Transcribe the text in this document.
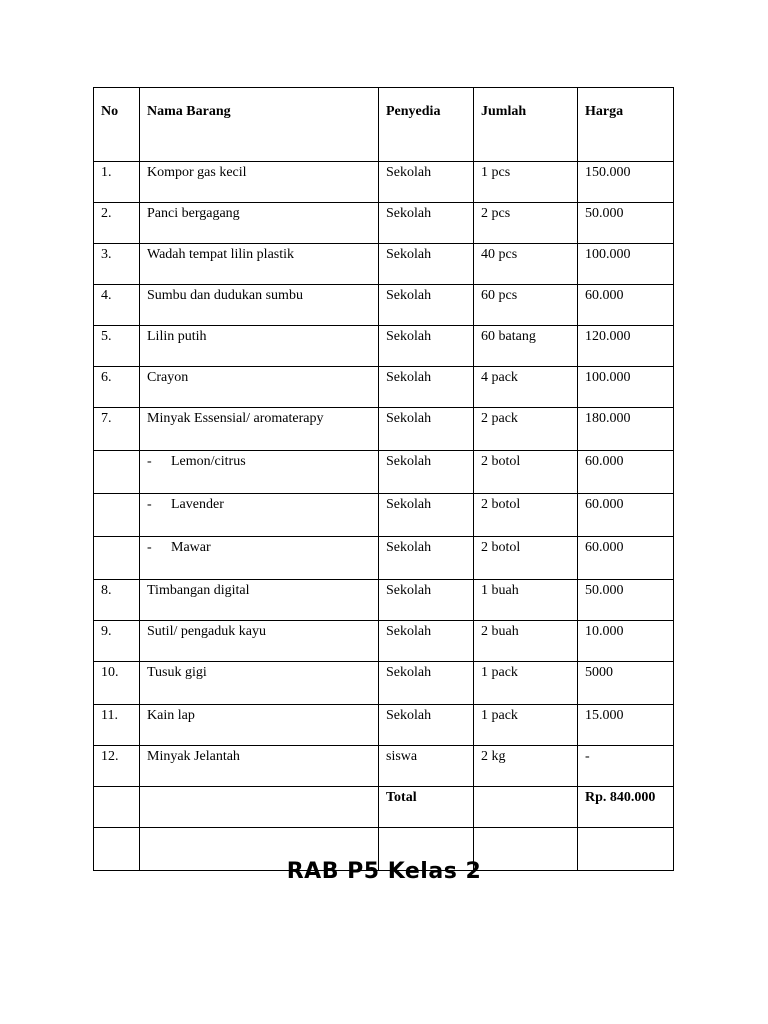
No	Nama Barang	Penyedia	Jumlah	Harga
1.	Kompor gas kecil	Sekolah	1 pcs	150.000
2.	Panci bergagang	Sekolah	2 pcs	50.000
3.	Wadah tempat lilin plastik	Sekolah	40 pcs	100.000
4.	Sumbu dan dudukan sumbu	Sekolah	60 pcs	60.000
5.	Lilin putih	Sekolah	60 batang	120.000
6.	Crayon	Sekolah	4 pack	100.000
7.	Minyak Essensial/ aromaterapy	Sekolah	2 pack	180.000
	- Lemon/citrus	Sekolah	2 botol	60.000
	- Lavender	Sekolah	2 botol	60.000
	- Mawar	Sekolah	2 botol	60.000
8.	Timbangan digital	Sekolah	1 buah	50.000
9.	Sutil/ pengaduk kayu	Sekolah	2 buah	10.000
10.	Tusuk gigi	Sekolah	1 pack	5000
11.	Kain lap	Sekolah	1 pack	15.000
12.	Minyak Jelantah	siswa	2 kg	-
		Total		Rp. 840.000

RAB P5 Kelas 2
